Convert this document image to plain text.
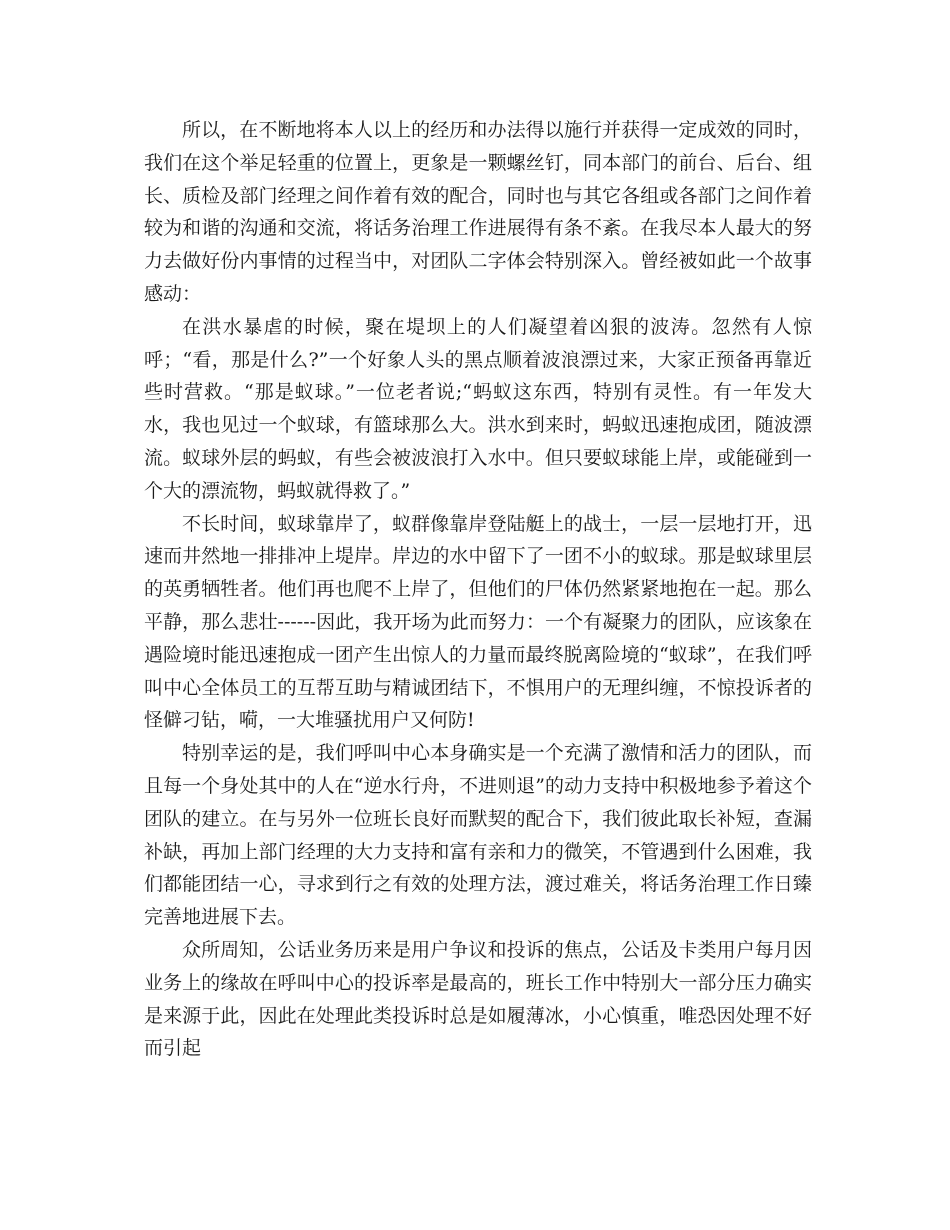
所以，在不断地将本人以上的经历和办法得以施行并获得一定成效的同时，我们在这个举足轻重的位置上，更象是一颗螺丝钉，同本部门的前台、后台、组长、质检及部门经理之间作着有效的配合，同时也与其它各组或各部门之间作着较为和谐的沟通和交流，将话务治理工作进展得有条不紊。在我尽本人最大的努力去做好份内事情的过程当中，对团队二字体会特别深入。曾经被如此一个故事感动：

在洪水暴虐的时候，聚在堤坝上的人们凝望着凶狠的波涛。忽然有人惊呼；“看，那是什么?”一个好象人头的黑点顺着波浪漂过来，大家正预备再靠近些时营救。“那是蚁球。”一位老者说;“蚂蚁这东西，特别有灵性。有一年发大水，我也见过一个蚁球，有篮球那么大。洪水到来时，蚂蚁迅速抱成团，随波漂流。蚁球外层的蚂蚁，有些会被波浪打入水中。但只要蚁球能上岸，或能碰到一个大的漂流物，蚂蚁就得救了。”

不长时间，蚁球靠岸了，蚁群像靠岸登陆艇上的战士，一层一层地打开，迅速而井然地一排排冲上堤岸。岸边的水中留下了一团不小的蚁球。那是蚁球里层的英勇牺牲者。他们再也爬不上岸了，但他们的尸体仍然紧紧地抱在一起。那么平静，那么悲壮------因此，我开场为此而努力：一个有凝聚力的团队，应该象在遇险境时能迅速抱成一团产生出惊人的力量而最终脱离险境的“蚁球”，在我们呼叫中心全体员工的互帮互助与精诚团结下，不惧用户的无理纠缠，不惊投诉者的怪僻刁钻，嗬，一大堆骚扰用户又何防!

特别幸运的是，我们呼叫中心本身确实是一个充满了激情和活力的团队，而且每一个身处其中的人在“逆水行舟，不进则退”的动力支持中积极地参予着这个团队的建立。在与另外一位班长良好而默契的配合下，我们彼此取长补短，查漏补缺，再加上部门经理的大力支持和富有亲和力的微笑，不管遇到什么困难，我们都能团结一心，寻求到行之有效的处理方法，渡过难关，将话务治理工作日臻完善地进展下去。

众所周知，公话业务历来是用户争议和投诉的焦点，公话及卡类用户每月因业务上的缘故在呼叫中心的投诉率是最高的，班长工作中特别大一部分压力确实是来源于此，因此在处理此类投诉时总是如履薄冰，小心慎重，唯恐因处理不好而引起
